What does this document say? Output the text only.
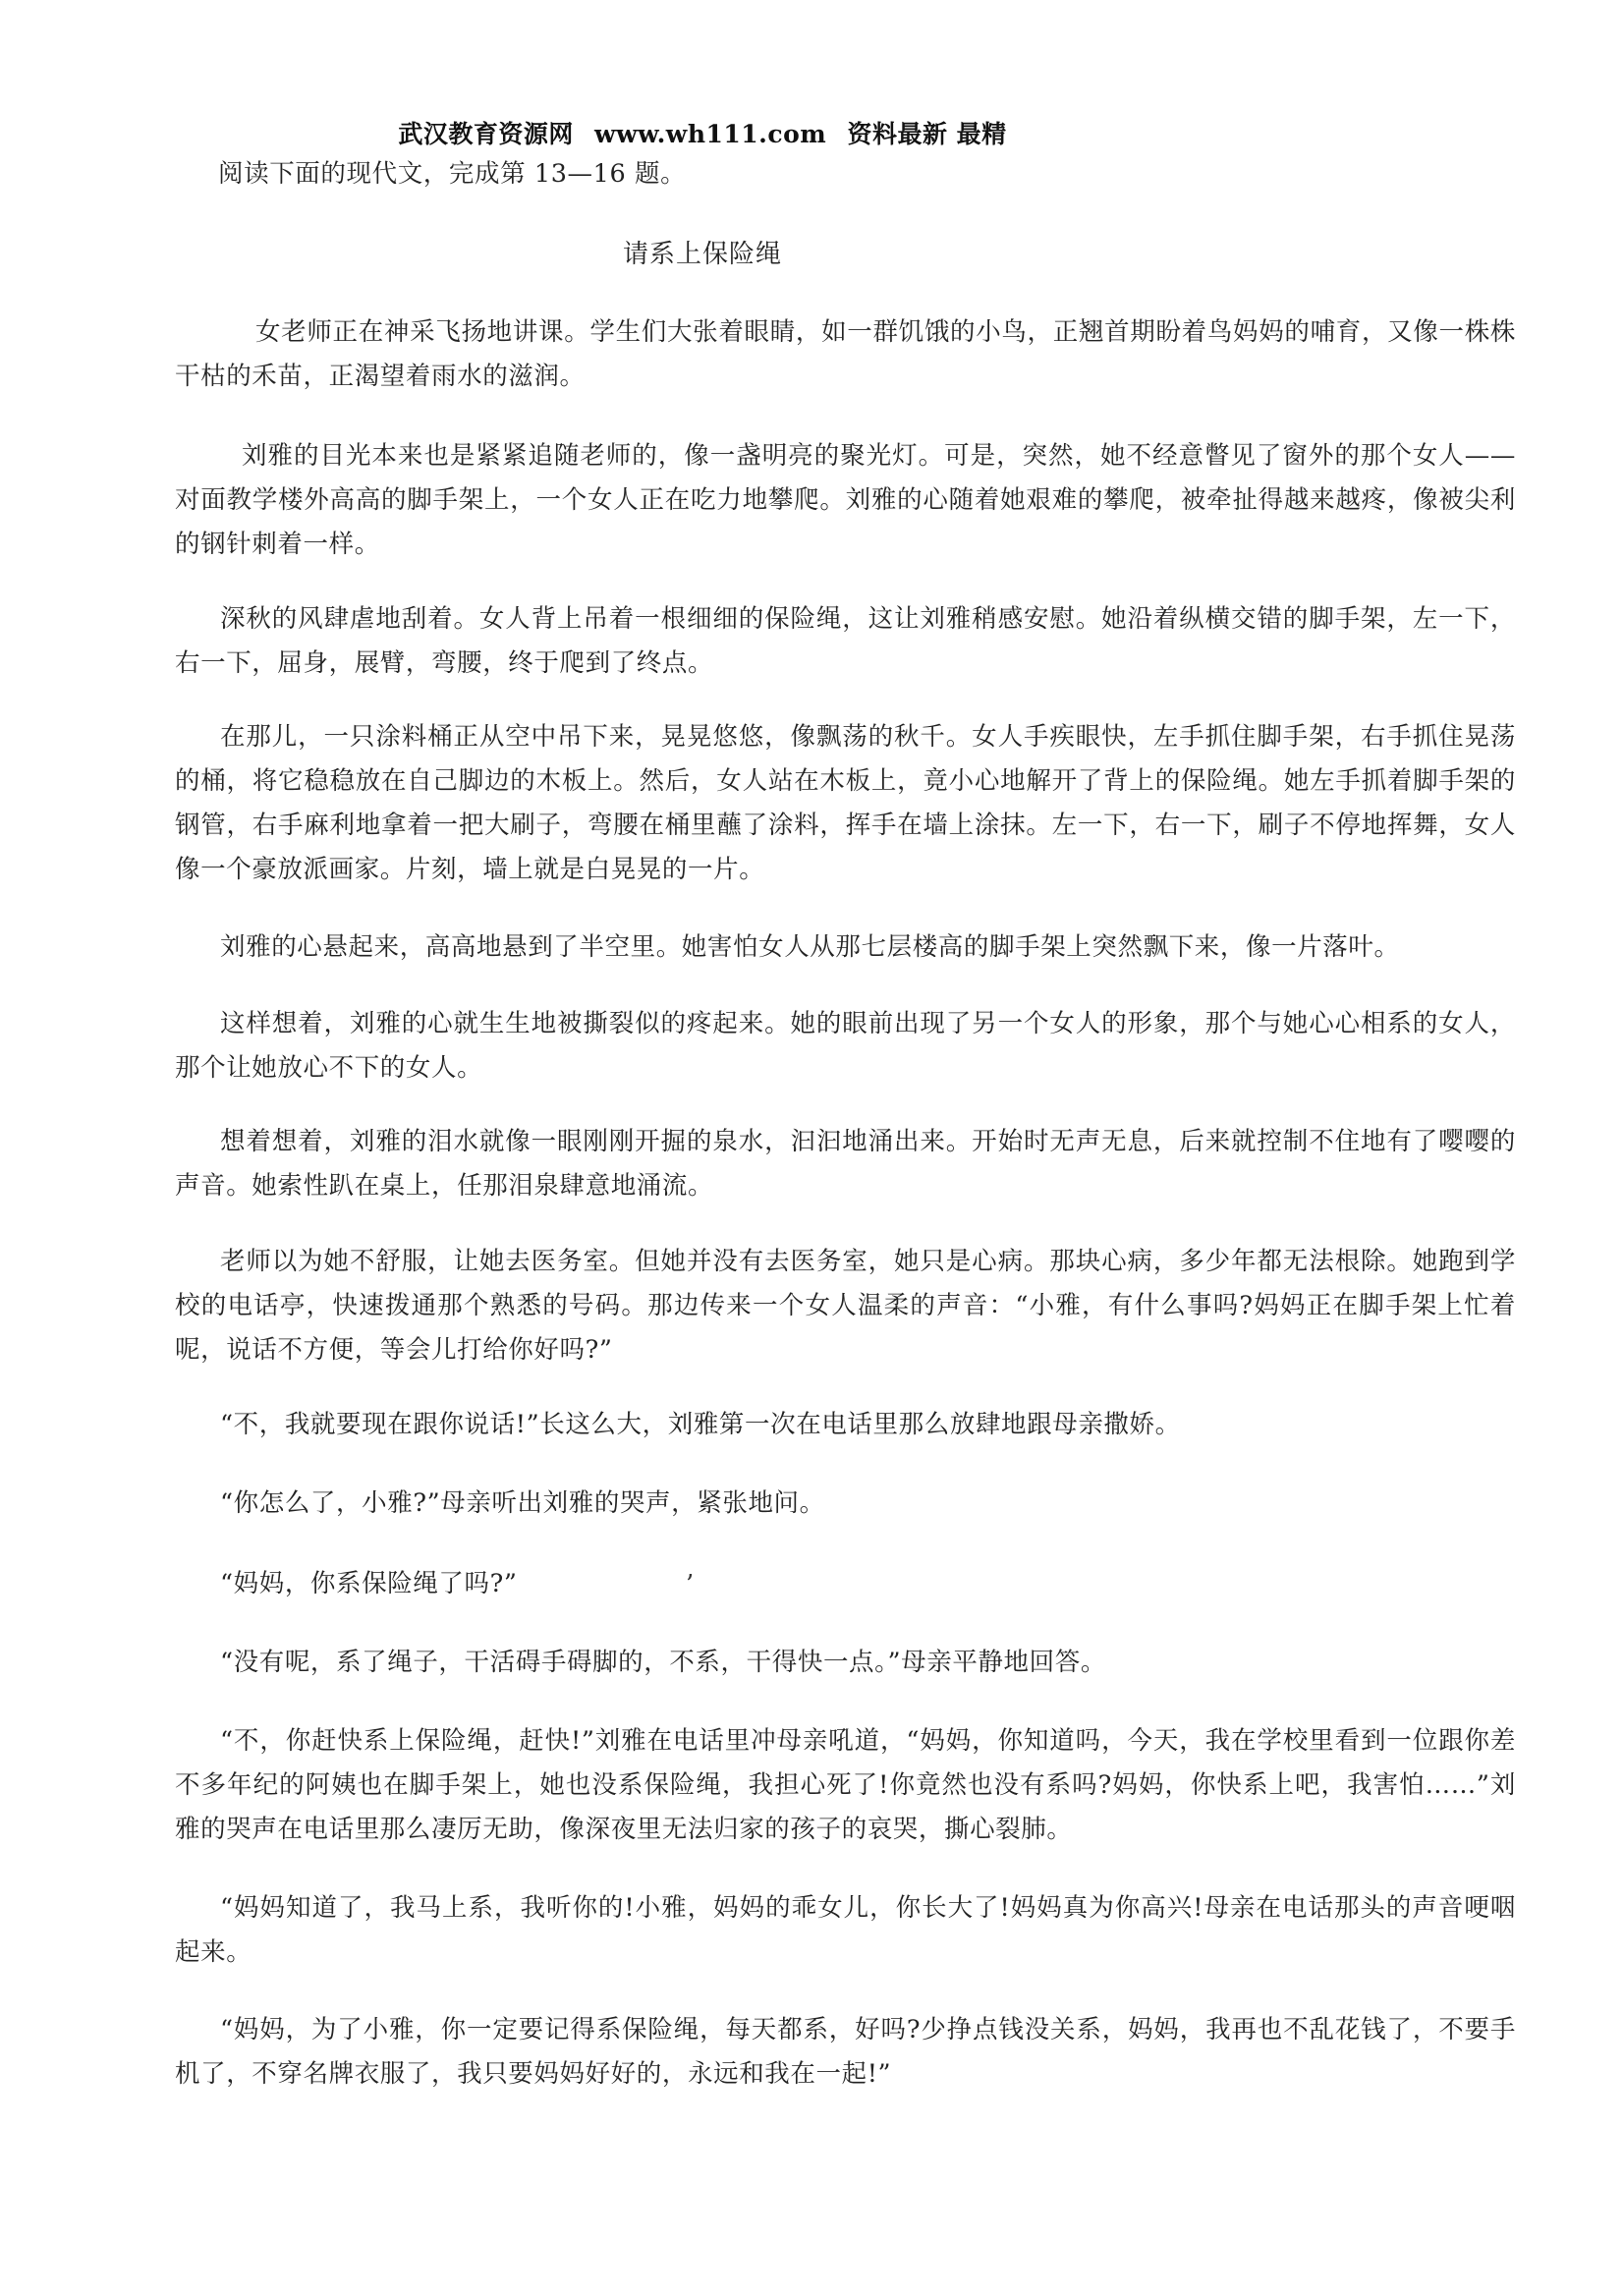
武汉教育资源网 www.wh111.com 资料最新 最精
阅读下面的现代文，完成第 13—16 题。
请系上保险绳
女老师正在神采飞扬地讲课。学生们大张着眼睛，如一群饥饿的小鸟，正翘首期盼着鸟妈妈的哺育，又像一株株干枯的禾苗，正渴望着雨水的滋润。
刘雅的目光本来也是紧紧追随老师的，像一盏明亮的聚光灯。可是，突然，她不经意瞥见了窗外的那个女人——对面教学楼外高高的脚手架上，一个女人正在吃力地攀爬。刘雅的心随着她艰难的攀爬，被牵扯得越来越疼，像被尖利的钢针刺着一样。
深秋的风肆虐地刮着。女人背上吊着一根细细的保险绳，这让刘雅稍感安慰。她沿着纵横交错的脚手架，左一下，右一下，屈身，展臂，弯腰，终于爬到了终点。
在那儿，一只涂料桶正从空中吊下来，晃晃悠悠，像飘荡的秋千。女人手疾眼快，左手抓住脚手架，右手抓住晃荡的桶，将它稳稳放在自己脚边的木板上。然后，女人站在木板上，竟小心地解开了背上的保险绳。她左手抓着脚手架的钢管，右手麻利地拿着一把大刷子，弯腰在桶里蘸了涂料，挥手在墙上涂抹。左一下，右一下，刷子不停地挥舞，女人像一个豪放派画家。片刻，墙上就是白晃晃的一片。
刘雅的心悬起来，高高地悬到了半空里。她害怕女人从那七层楼高的脚手架上突然飘下来，像一片落叶。
这样想着，刘雅的心就生生地被撕裂似的疼起来。她的眼前出现了另一个女人的形象，那个与她心心相系的女人，那个让她放心不下的女人。
想着想着，刘雅的泪水就像一眼刚刚开掘的泉水，汩汩地涌出来。开始时无声无息，后来就控制不住地有了嘤嘤的声音。她索性趴在桌上，任那泪泉肆意地涌流。
老师以为她不舒服，让她去医务室。但她并没有去医务室，她只是心病。那块心病，多少年都无法根除。她跑到学校的电话亭，快速拨通那个熟悉的号码。那边传来一个女人温柔的声音：“小雅，有什么事吗?妈妈正在脚手架上忙着呢，说话不方便，等会儿打给你好吗?”
“不，我就要现在跟你说话!”长这么大，刘雅第一次在电话里那么放肆地跟母亲撒娇。
“你怎么了，小雅?”母亲听出刘雅的哭声，紧张地问。
“妈妈，你系保险绳了吗?”	’
“没有呢，系了绳子，干活碍手碍脚的，不系，干得快一点。”母亲平静地回答。
“不，你赶快系上保险绳，赶快!”刘雅在电话里冲母亲吼道，“妈妈，你知道吗，今天，我在学校里看到一位跟你差不多年纪的阿姨也在脚手架上，她也没系保险绳，我担心死了!你竟然也没有系吗?妈妈，你快系上吧，我害怕……”刘雅的哭声在电话里那么凄厉无助，像深夜里无法归家的孩子的哀哭，撕心裂肺。
“妈妈知道了，我马上系，我听你的!小雅，妈妈的乖女儿，你长大了!妈妈真为你高兴!母亲在电话那头的声音哽咽起来。
“妈妈，为了小雅，你一定要记得系保险绳，每天都系，好吗?少挣点钱没关系，妈妈，我再也不乱花钱了，不要手机了，不穿名牌衣服了，我只要妈妈好好的，永远和我在一起!”
